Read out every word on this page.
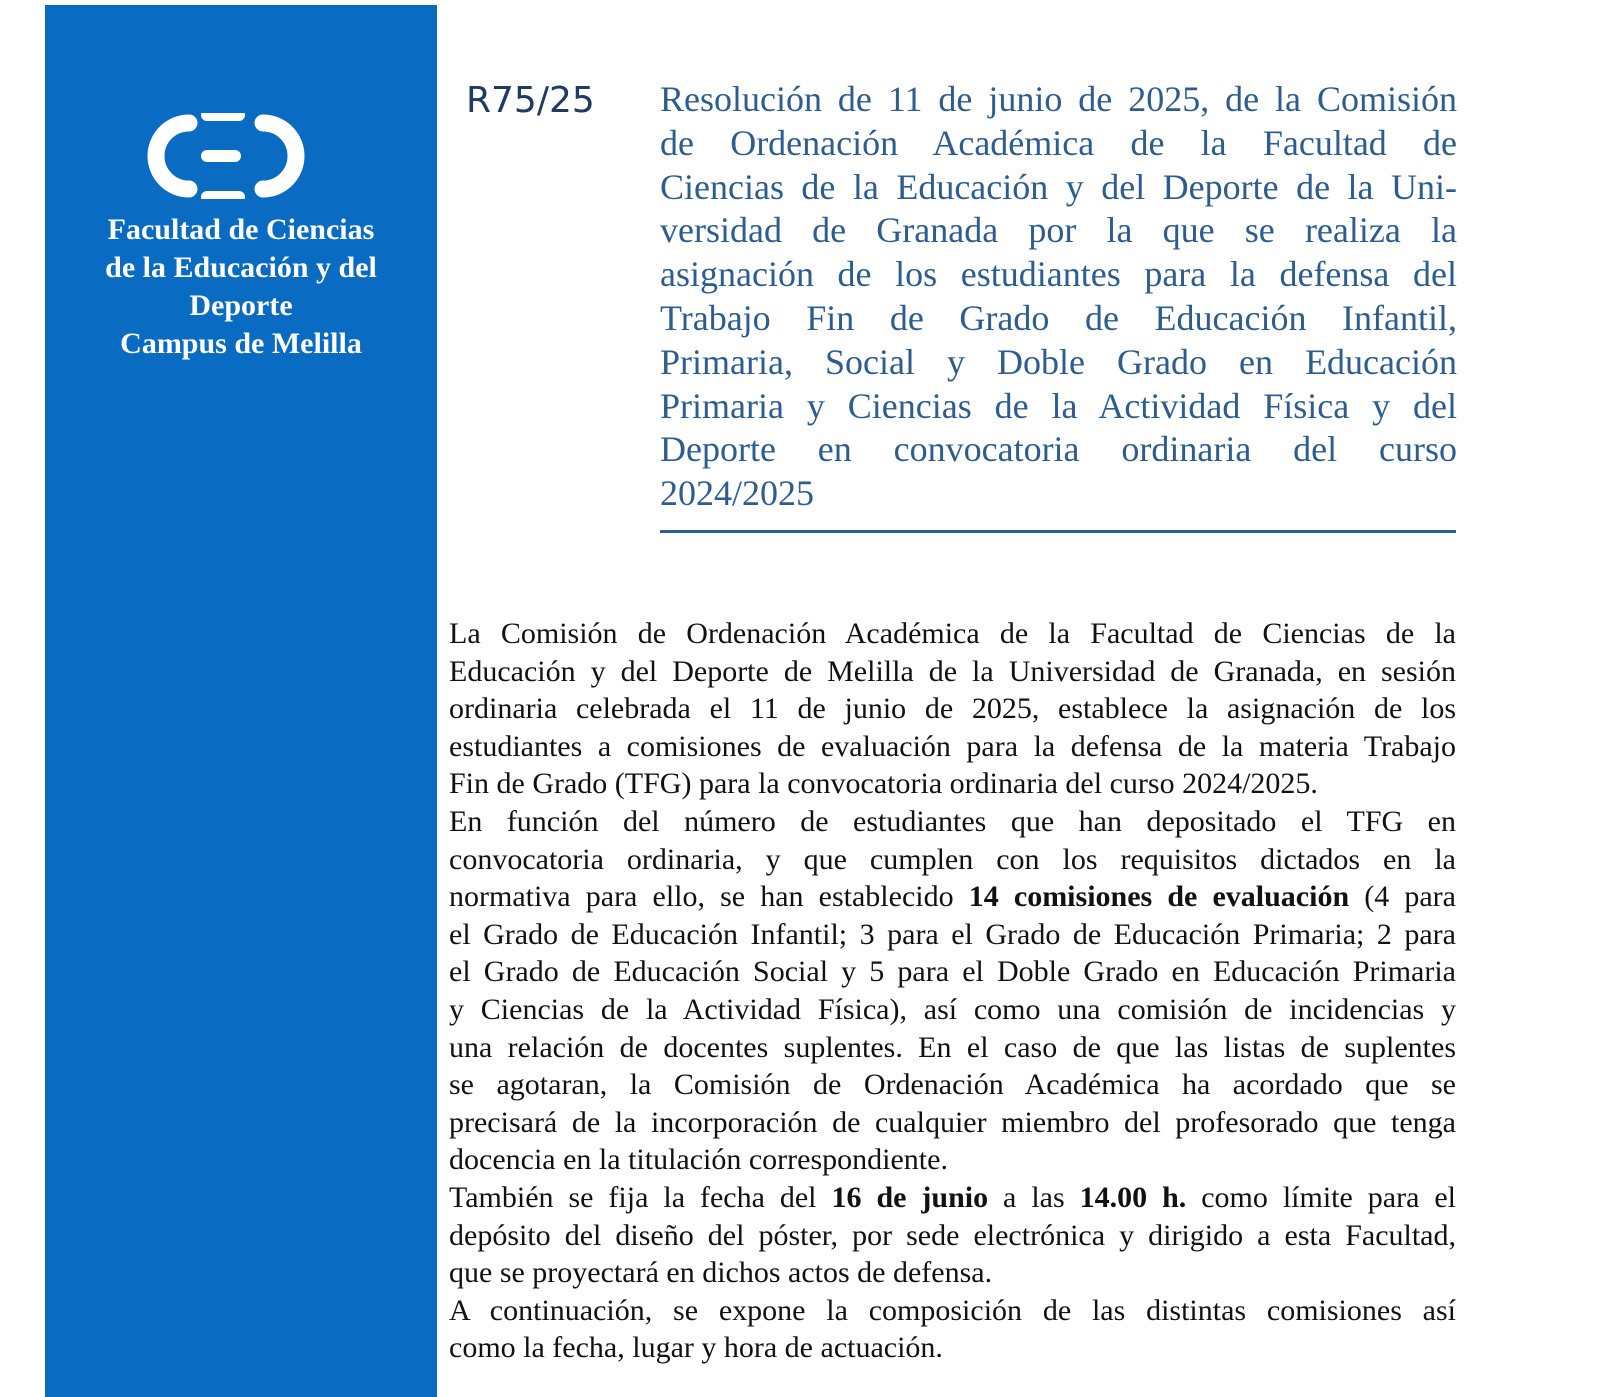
Facultad de Ciencias
de la Educación y del
Deporte
Campus de Melilla
R75/25 Resolución de 11 de junio de 2025, de la Comisión
de Ordenación Académica de la Facultad de
Ciencias de la Educación y del Deporte de la Uni-
versidad de Granada por la que se realiza la
asignación de los estudiantes para la defensa del
Trabajo Fin de Grado de Educación Infantil,
Primaria, Social y Doble Grado en Educación
Primaria y Ciencias de la Actividad Física y del
Deporte en convocatoria ordinaria del curso
2024/2025
La Comisión de Ordenación Académica de la Facultad de Ciencias de la
Educación y del Deporte de Melilla de la Universidad de Granada, en sesión
ordinaria celebrada el 11 de junio de 2025, establece la asignación de los
estudiantes a comisiones de evaluación para la defensa de la materia Trabajo
Fin de Grado (TFG) para la convocatoria ordinaria del curso 2024/2025.
En función del número de estudiantes que han depositado el TFG en
convocatoria ordinaria, y que cumplen con los requisitos dictados en la
normativa para ello, se han establecido 14 comisiones de evaluación (4 para
el Grado de Educación Infantil; 3 para el Grado de Educación Primaria; 2 para
el Grado de Educación Social y 5 para el Doble Grado en Educación Primaria
y Ciencias de la Actividad Física), así como una comisión de incidencias y
una relación de docentes suplentes. En el caso de que las listas de suplentes
se agotaran, la Comisión de Ordenación Académica ha acordado que se
precisará de la incorporación de cualquier miembro del profesorado que tenga
docencia en la titulación correspondiente.
También se fija la fecha del 16 de junio a las 14.00 h. como límite para el
depósito del diseño del póster, por sede electrónica y dirigido a esta Facultad,
que se proyectará en dichos actos de defensa.
A continuación, se expone la composición de las distintas comisiones así
como la fecha, lugar y hora de actuación.
